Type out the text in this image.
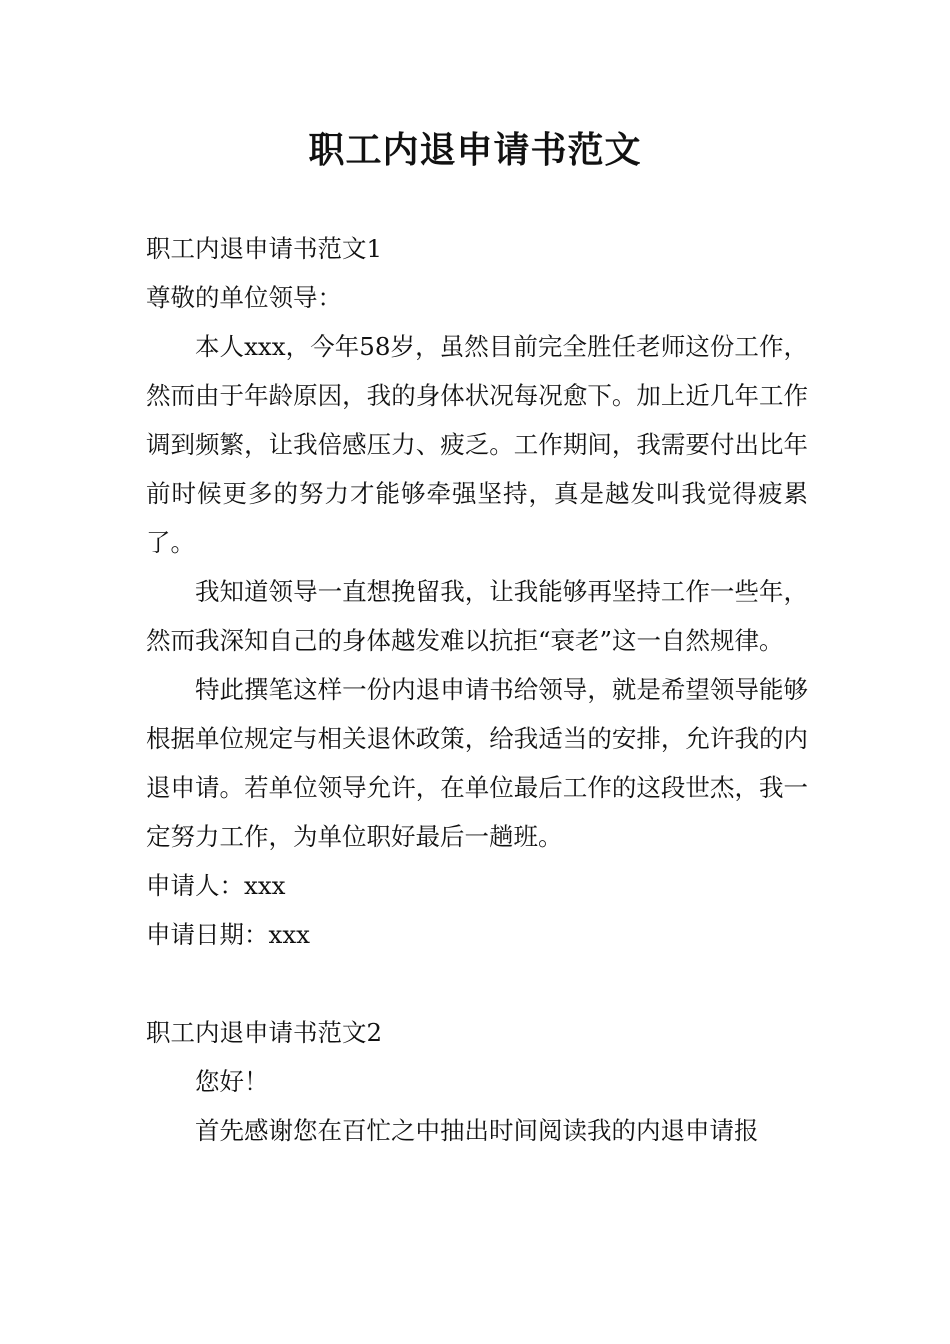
职工内退申请书范文

职工内退申请书范文1

尊敬的单位领导：

本人xxx，今年58岁，虽然目前完全胜任老师这份工作，然而由于年龄原因，我的身体状况每况愈下。加上近几年工作调到频繁，让我倍感压力、疲乏。工作期间，我需要付出比年前时候更多的努力才能够牵强坚持，真是越发叫我觉得疲累了。

我知道领导一直想挽留我，让我能够再坚持工作一些年，然而我深知自己的身体越发难以抗拒“衰老”这一自然规律。

特此撰笔这样一份内退申请书给领导，就是希望领导能够根据单位规定与相关退休政策，给我适当的安排，允许我的内退申请。若单位领导允许，在单位最后工作的这段世杰，我一定努力工作，为单位职好最后一趟班。

申请人：xxx

申请日期：xxx

职工内退申请书范文2

您好！

首先感谢您在百忙之中抽出时间阅读我的内退申请报
